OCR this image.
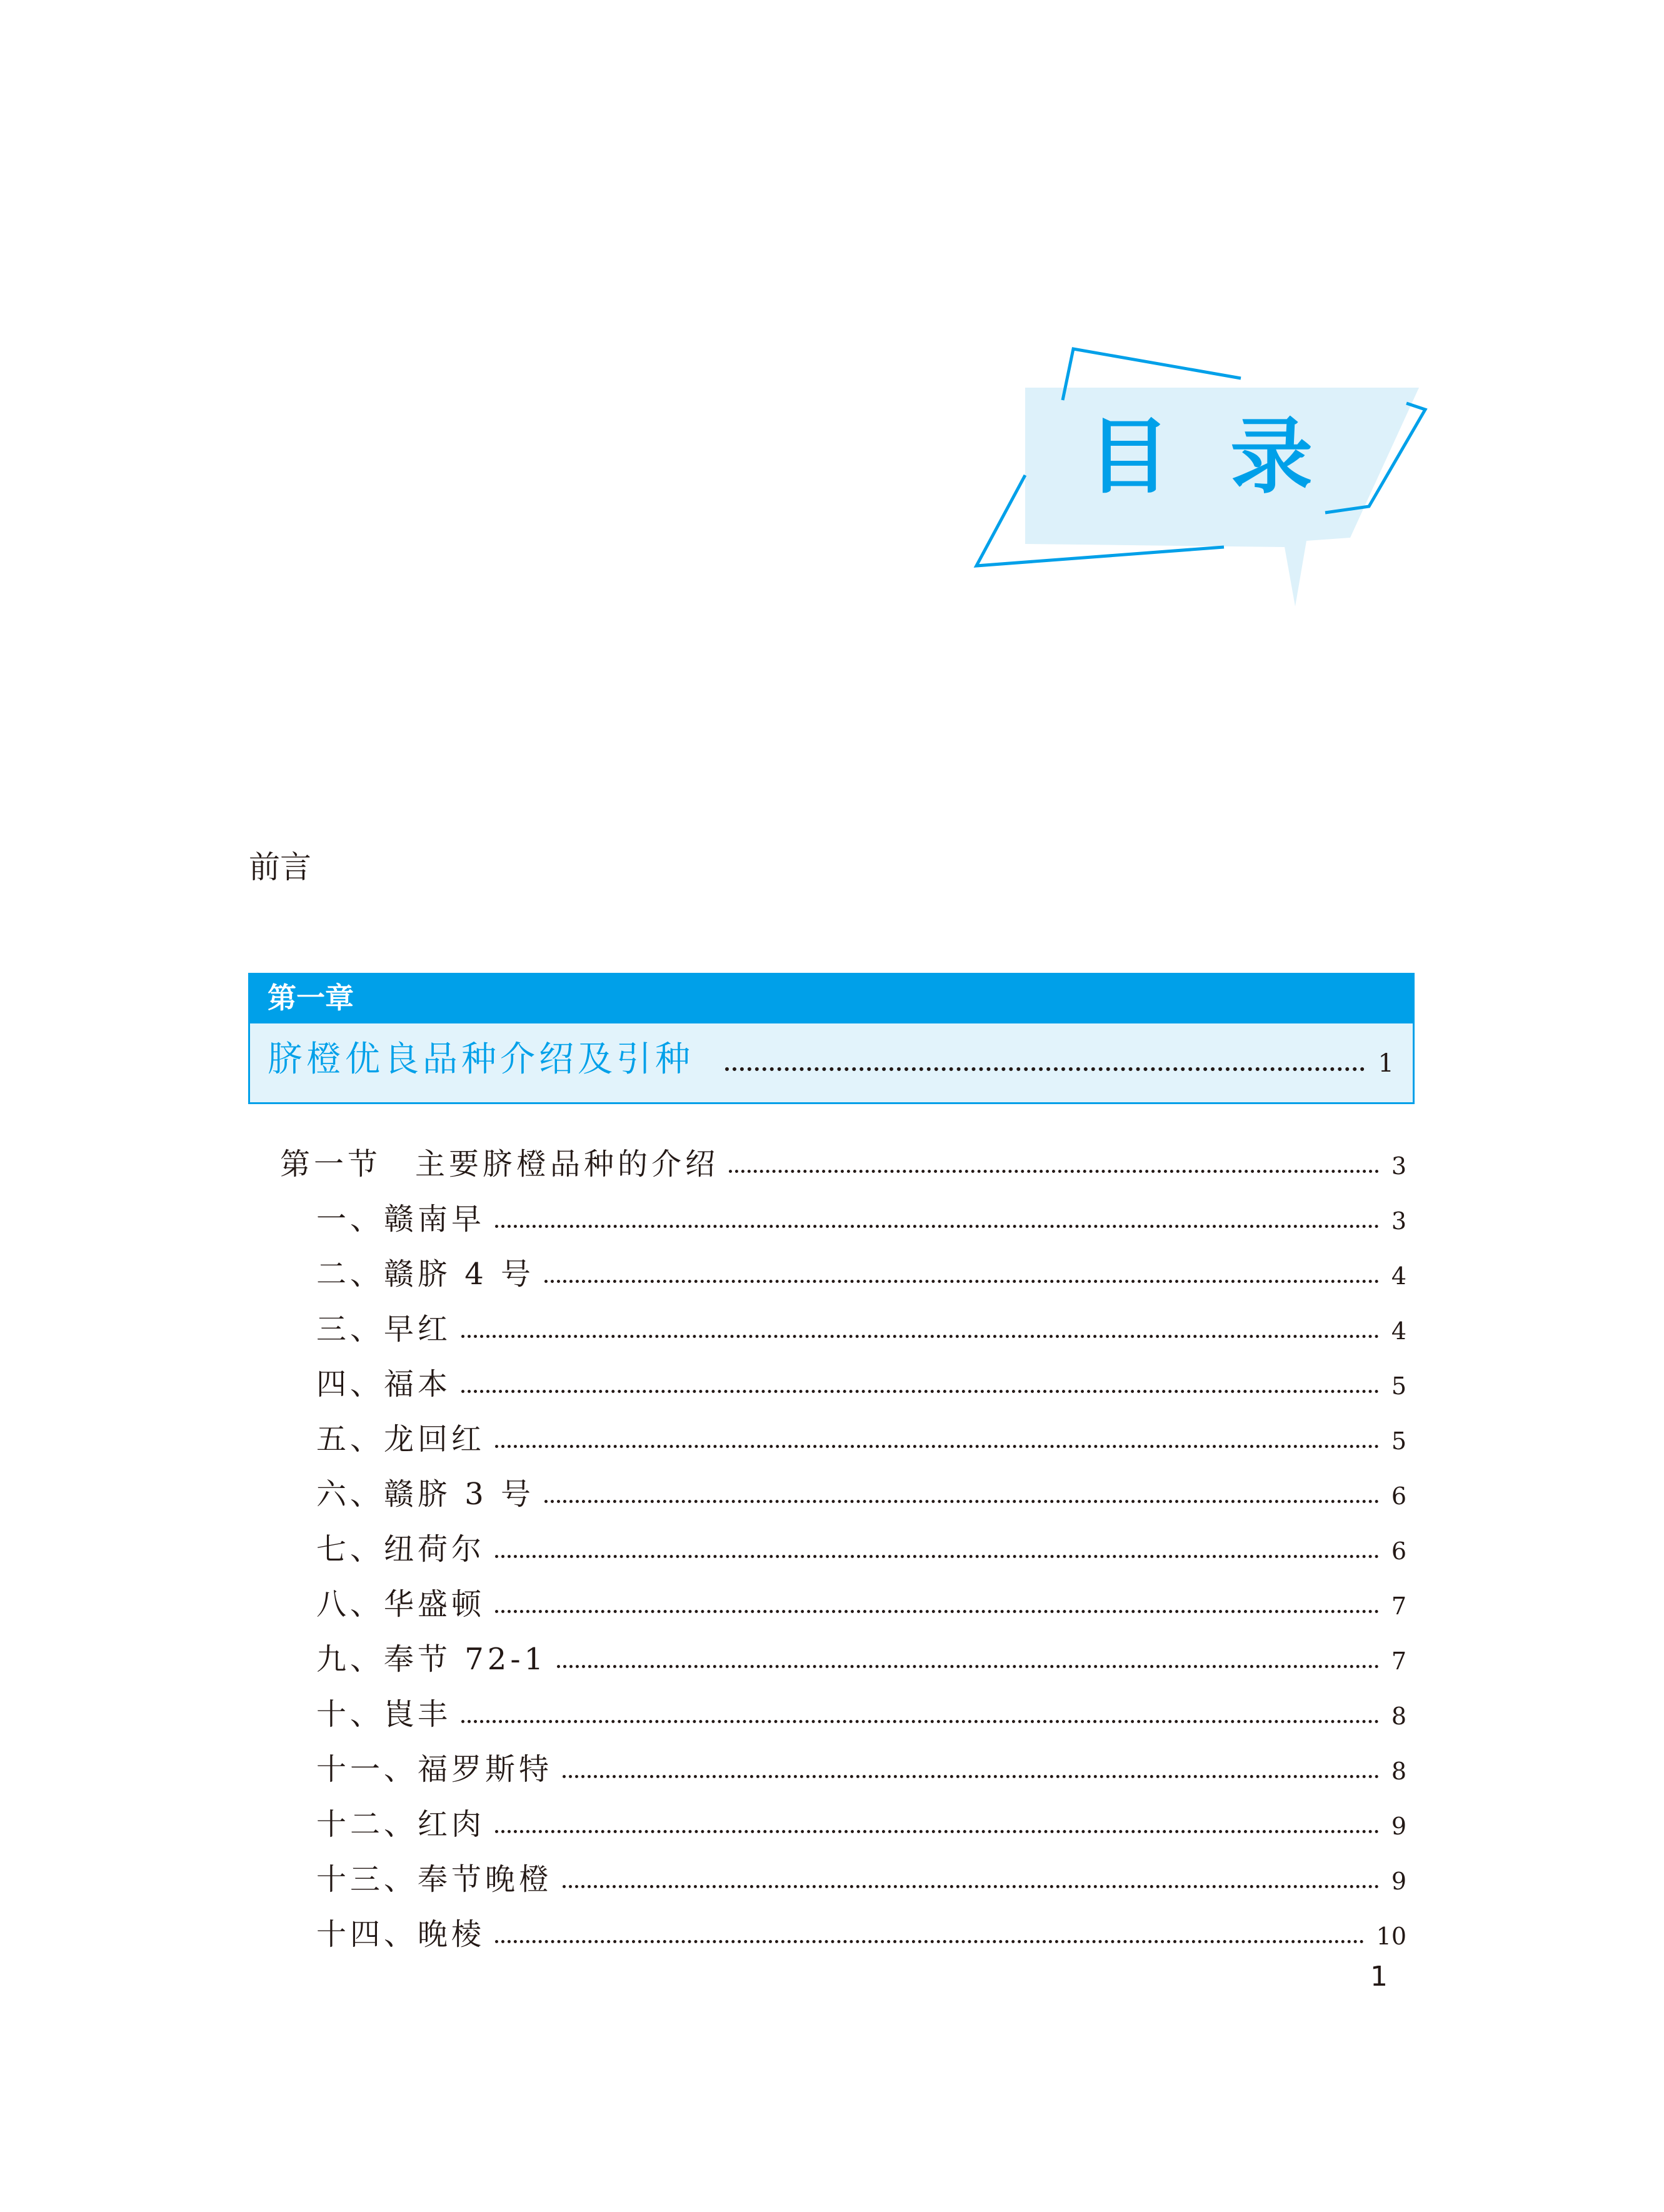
目录
前言
第一章
脐橙优良品种介绍及引种	1
第一节　主要脐橙品种的介绍	3
一、赣南早	3
二、赣脐 4 号	4
三、早红	4
四、福本	5
五、龙回红	5
六、赣脐 3 号	6
七、纽荷尔	6
八、华盛顿	7
九、奉节 72-1	7
十、崀丰	8
十一、福罗斯特	8
十二、红肉	9
十三、奉节晚橙	9
十四、晚棱	10
1
